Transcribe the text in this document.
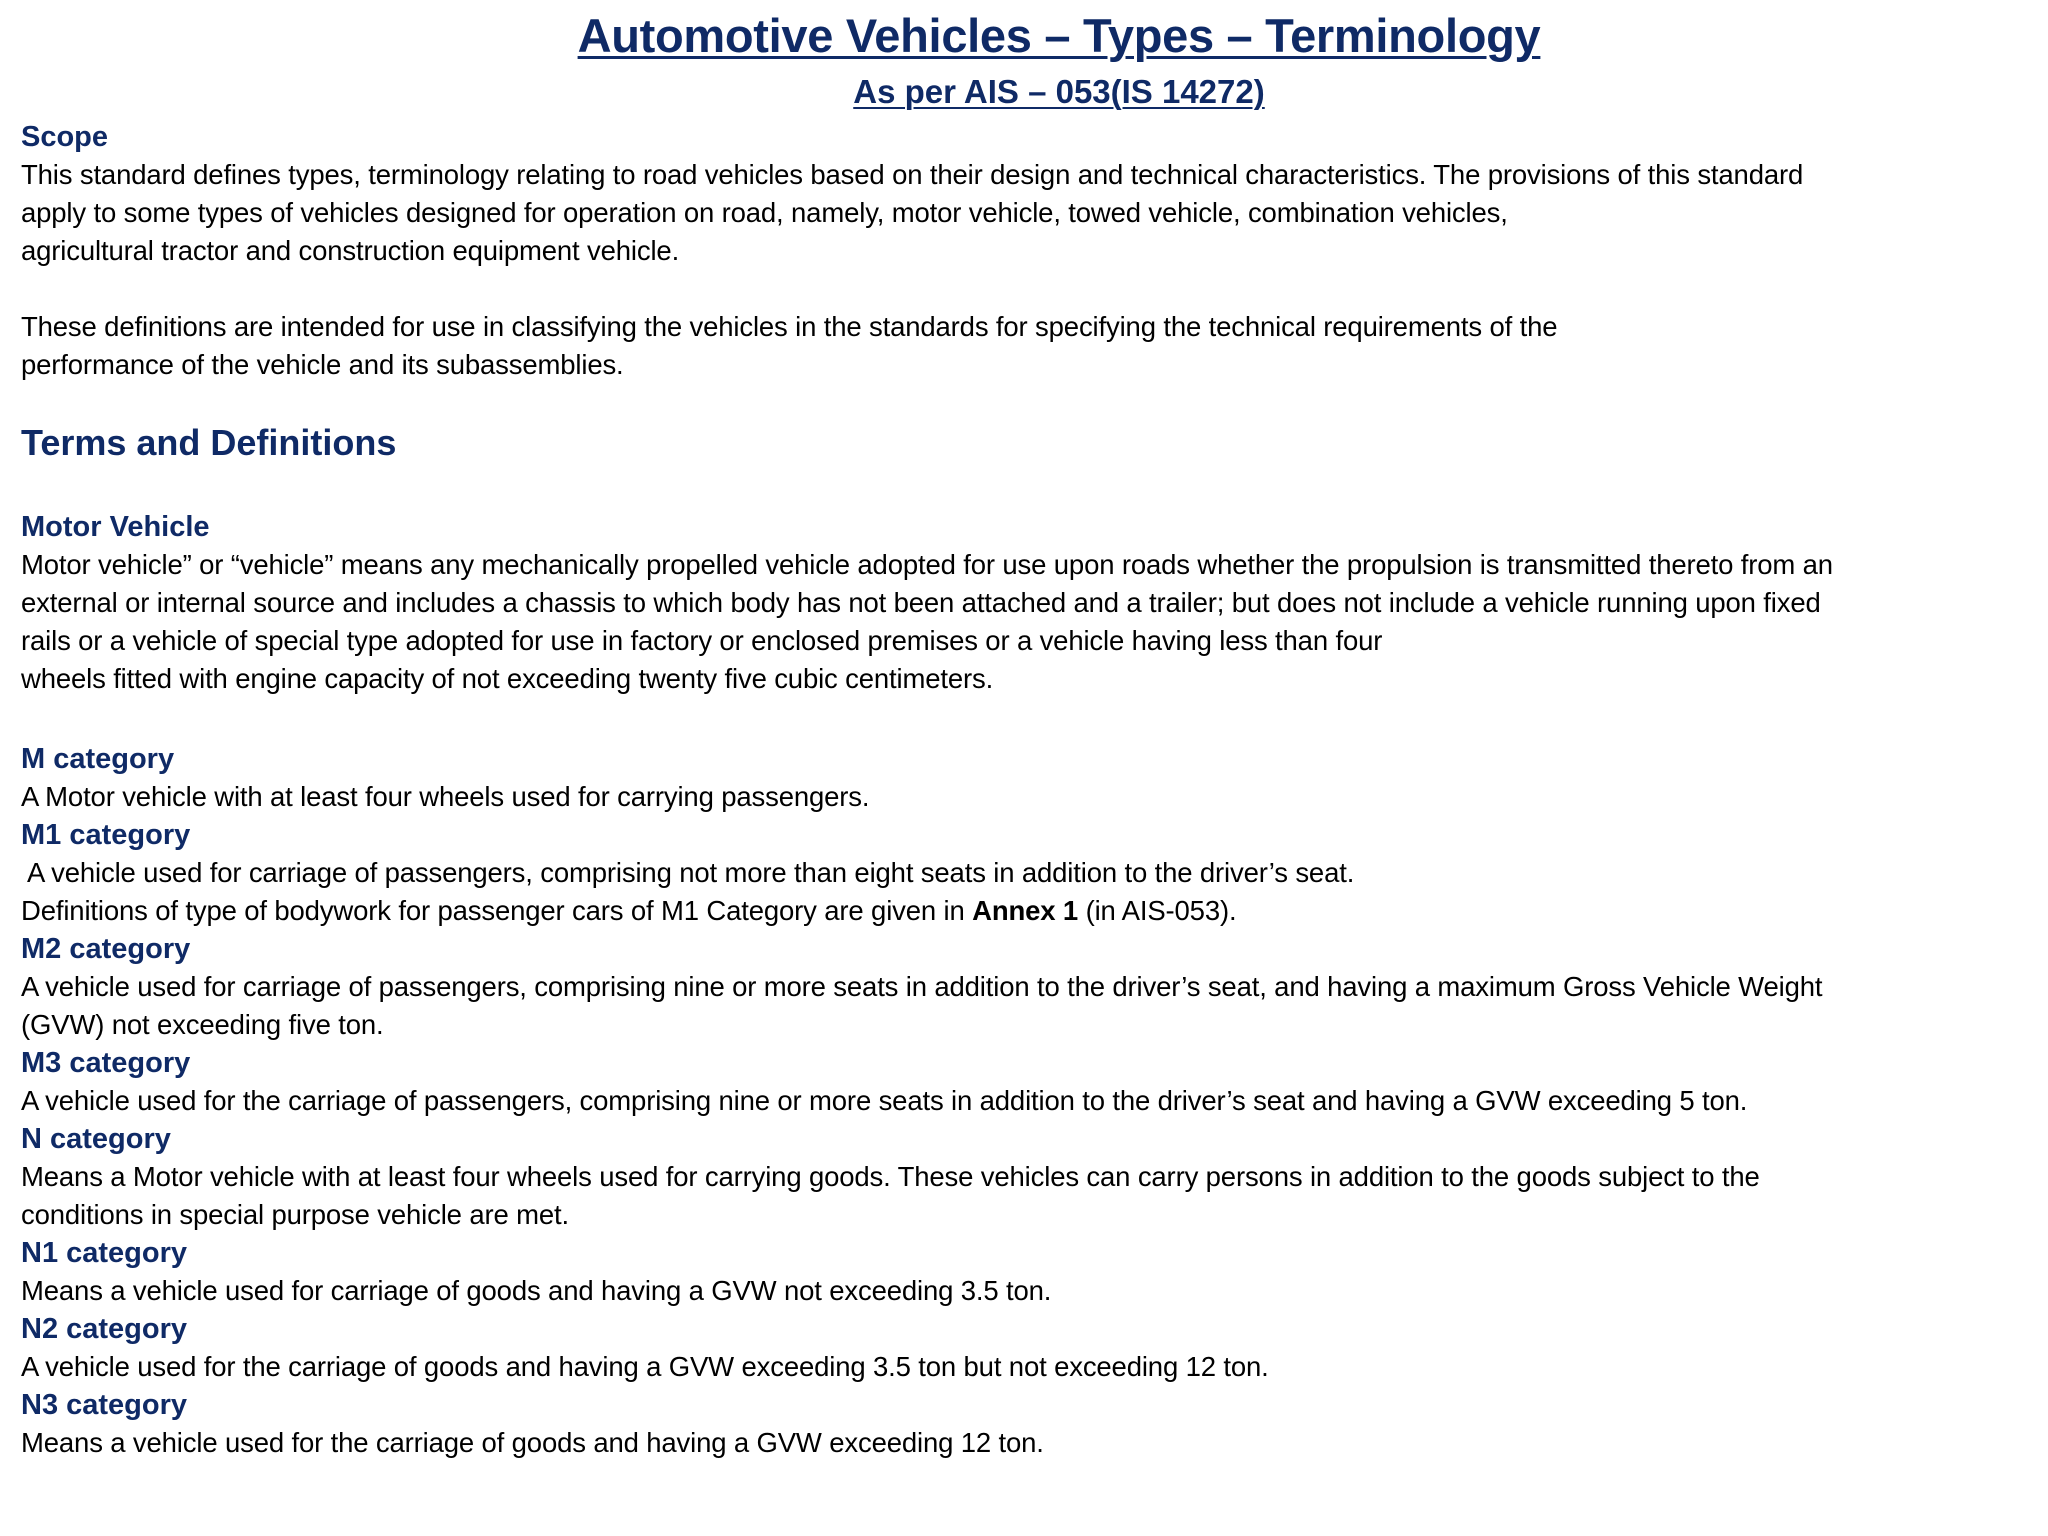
Automotive Vehicles – Types – Terminology
As per AIS – 053(IS 14272)
Scope
This standard defines types, terminology relating to road vehicles based on their design and technical characteristics. The provisions of this standard
apply to some types of vehicles designed for operation on road, namely, motor vehicle, towed vehicle, combination vehicles,
agricultural tractor and construction equipment vehicle.
These definitions are intended for use in classifying the vehicles in the standards for specifying the technical requirements of the
performance of the vehicle and its subassemblies.
Terms and Definitions
Motor Vehicle
Motor vehicle” or “vehicle” means any mechanically propelled vehicle adopted for use upon roads whether the propulsion is transmitted thereto from an
external or internal source and includes a chassis to which body has not been attached and a trailer; but does not include a vehicle running upon fixed
rails or a vehicle of special type adopted for use in factory or enclosed premises or a vehicle having less than four
wheels fitted with engine capacity of not exceeding twenty five cubic centimeters.
M category
A Motor vehicle with at least four wheels used for carrying passengers.
M1 category
A vehicle used for carriage of passengers, comprising not more than eight seats in addition to the driver’s seat.
Definitions of type of bodywork for passenger cars of M1 Category are given in Annex 1 (in AIS-053).
M2 category
A vehicle used for carriage of passengers, comprising nine or more seats in addition to the driver’s seat, and having a maximum Gross Vehicle Weight
(GVW) not exceeding five ton.
M3 category
A vehicle used for the carriage of passengers, comprising nine or more seats in addition to the driver’s seat and having a GVW exceeding 5 ton.
N category
Means a Motor vehicle with at least four wheels used for carrying goods. These vehicles can carry persons in addition to the goods subject to the
conditions in special purpose vehicle are met.
N1 category
Means a vehicle used for carriage of goods and having a GVW not exceeding 3.5 ton.
N2 category
A vehicle used for the carriage of goods and having a GVW exceeding 3.5 ton but not exceeding 12 ton.
N3 category
Means a vehicle used for the carriage of goods and having a GVW exceeding 12 ton.
